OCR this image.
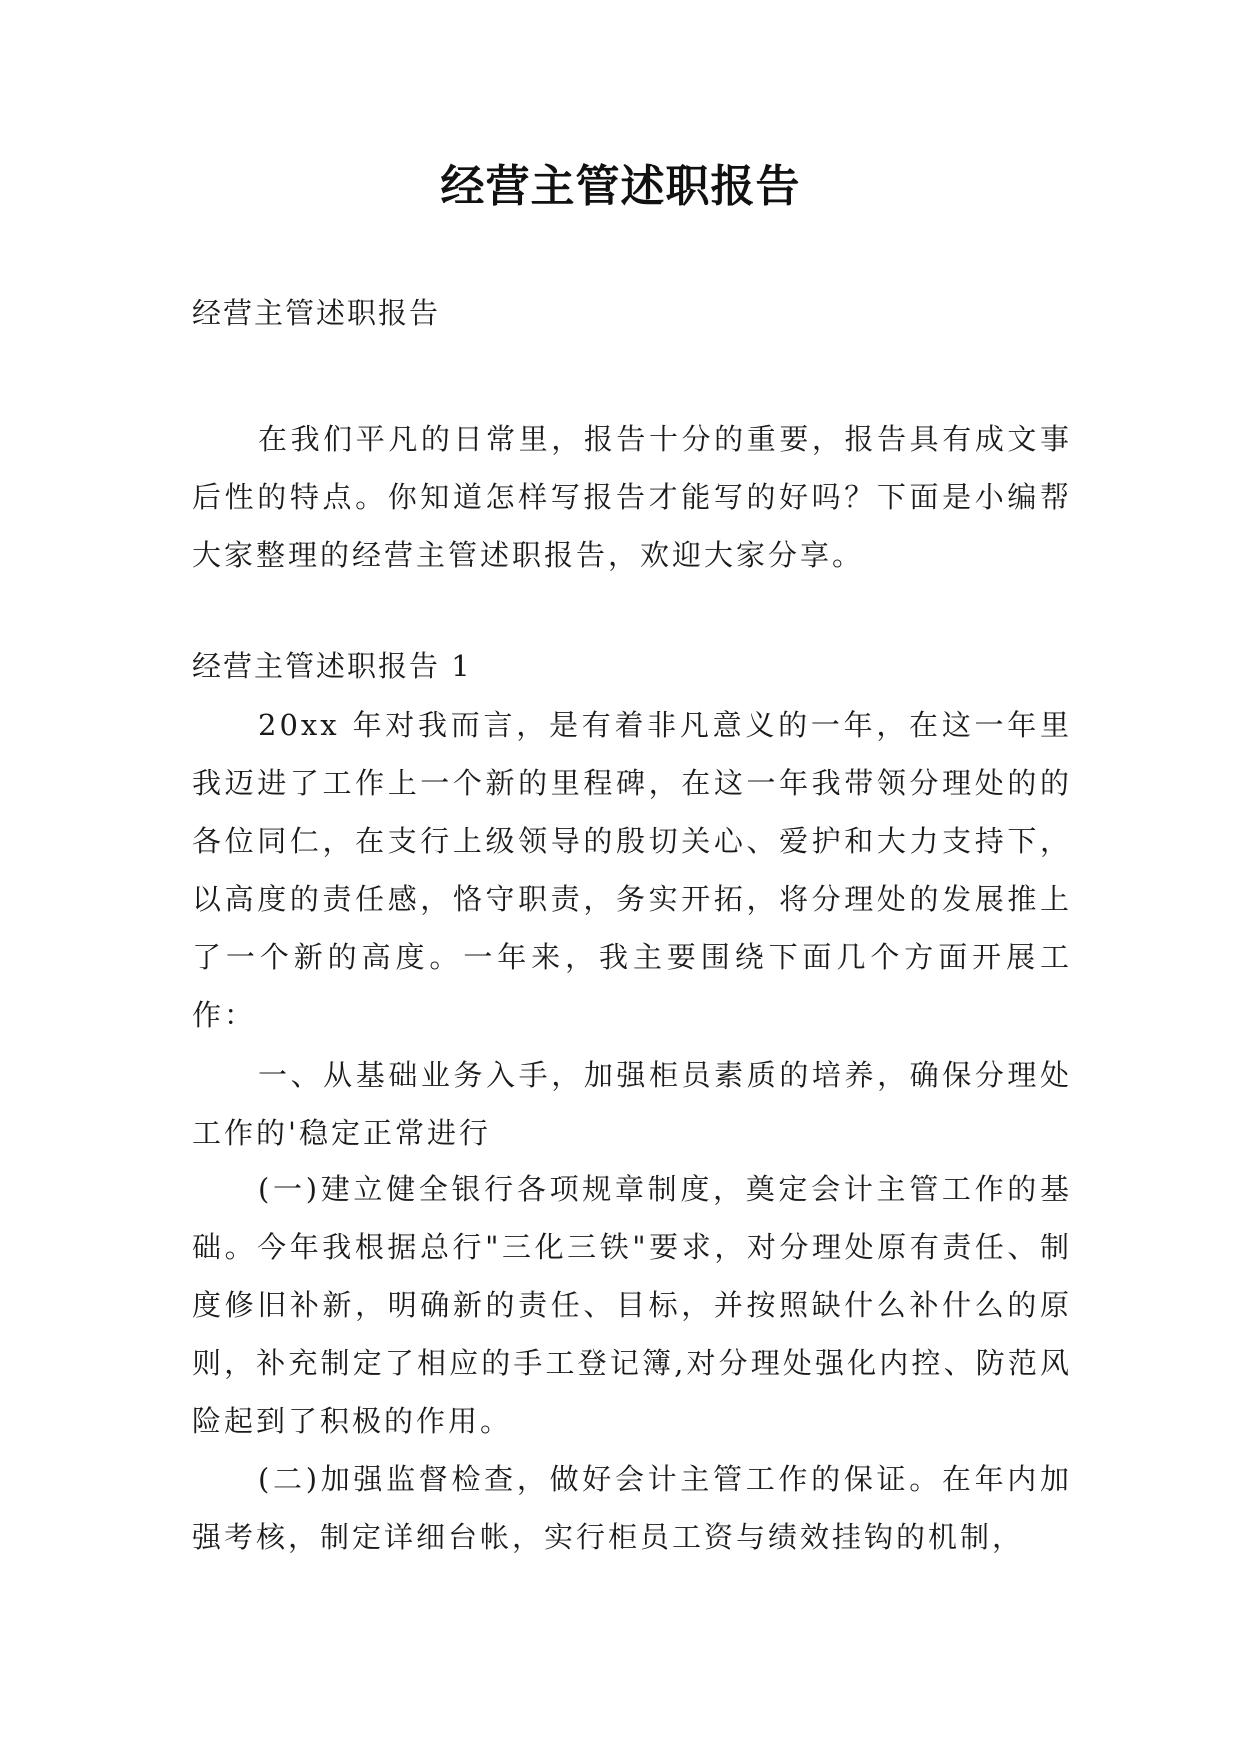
经营主管述职报告

经营主管述职报告

在我们平凡的日常里，报告十分的重要，报告具有成文事后性的特点。你知道怎样写报告才能写的好吗？下面是小编帮大家整理的经营主管述职报告，欢迎大家分享。

经营主管述职报告 1

20xx 年对我而言，是有着非凡意义的一年，在这一年里我迈进了工作上一个新的里程碑，在这一年我带领分理处的的各位同仁，在支行上级领导的殷切关心、爱护和大力支持下，以高度的责任感，恪守职责，务实开拓，将分理处的发展推上了一个新的高度。一年来，我主要围绕下面几个方面开展工作：

一、从基础业务入手，加强柜员素质的培养，确保分理处工作的'稳定正常进行

(一)建立健全银行各项规章制度，奠定会计主管工作的基础。今年我根据总行"三化三铁"要求，对分理处原有责任、制度修旧补新，明确新的责任、目标，并按照缺什么补什么的原则，补充制定了相应的手工登记簿,对分理处强化内控、防范风险起到了积极的作用。

(二)加强监督检查，做好会计主管工作的保证。在年内加强考核，制定详细台帐，实行柜员工资与绩效挂钩的机制，
